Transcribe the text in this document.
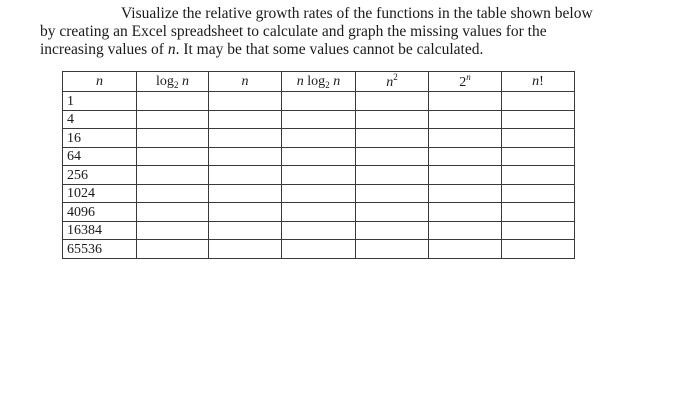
Visualize the relative growth rates of the functions in the table shown below
by creating an Excel spreadsheet to calculate and graph the missing values for the
increasing values of n. It may be that some values cannot be calculated.

n	$\log_2 n$	n	n $\log_2 n$	$n^2$	2$^n$	n!
1						
4						
16						
64						
256						
1024						
4096						
16384						
65536						
